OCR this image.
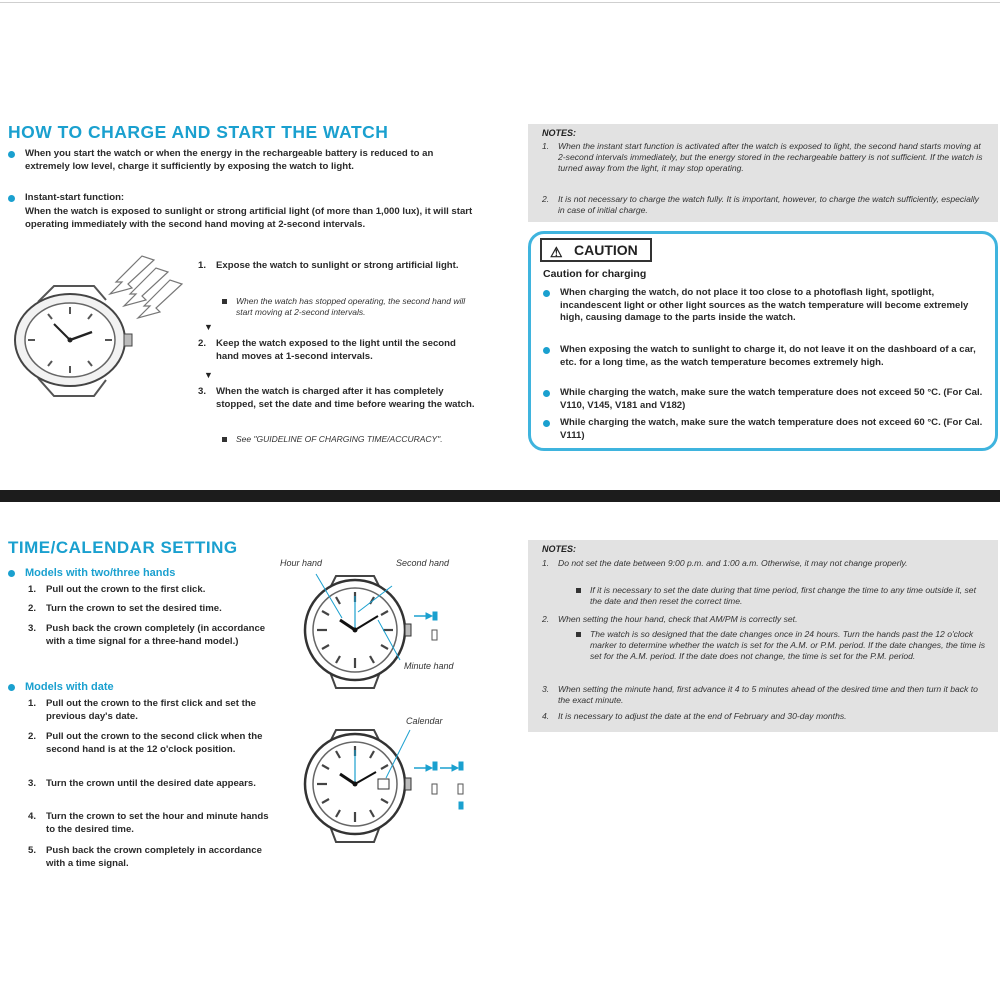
HOW TO CHARGE AND START THE WATCH
When you start the watch or when the energy in the rechargeable battery is reduced to an extremely low level, charge it sufficiently by exposing the watch to light.
Instant-start function:
When the watch is exposed to sunlight or strong artificial light (of more than 1,000 lux), it will start operating immediately with the second hand moving at 2-second intervals.
1.	Expose the watch to sunlight or strong artificial light.
When the watch has stopped operating, the second hand will start moving at 2-second intervals.
▼
2.	Keep the watch exposed to the light until the second hand moves at 1-second intervals.
▼
3.	When the watch is charged after it has completely stopped, set the date and time before wearing the watch.
See "GUIDELINE OF CHARGING TIME/ACCURACY".
NOTES:
1.	When the instant start function is activated after the watch is exposed to light, the second hand starts moving at 2-second intervals immediately, but the energy stored in the rechargeable battery is not sufficient. If the watch is turned away from the light, it may stop operating.
2.	It is not necessary to charge the watch fully. It is important, however, to charge the watch sufficiently, especially in case of initial charge.
⚠ CAUTION
Caution for charging
When charging the watch, do not place it too close to a photoflash light, spotlight, incandescent light or other light sources as the watch temperature will become extremely high, causing damage to the parts inside the watch.
When exposing the watch to sunlight to charge it, do not leave it on the dashboard of a car, etc. for a long time, as the watch temperature becomes extremely high.
While charging the watch, make sure the watch temperature does not exceed 50 °C. (For Cal. V110, V145, V181 and V182)
While charging the watch, make sure the watch temperature does not exceed 60 °C. (For Cal. V111)
TIME/CALENDAR SETTING
Models with two/three hands
1.	Pull out the crown to the first click.
2.	Turn the crown to set the desired time.
3.	Push back the crown completely (in accordance with a time signal for a three-hand model.)
Models with date
1.	Pull out the crown to the first click and set the previous day's date.
2.	Pull out the crown to the second click when the second hand is at the 12 o'clock position.
3.	Turn the crown until the desired date appears.
4.	Turn the crown to set the hour and minute hands to the desired time.
5.	Push back the crown completely in accordance with a time signal.
Hour hand	Second hand
Minute hand
Calendar
NOTES:
1.	Do not set the date between 9:00 p.m. and 1:00 a.m. Otherwise, it may not change properly.
If it is necessary to set the date during that time period, first change the time to any time outside it, set the date and then reset the correct time.
2.	When setting the hour hand, check that AM/PM is correctly set.
The watch is so designed that the date changes once in 24 hours. Turn the hands past the 12 o'clock marker to determine whether the watch is set for the A.M. or P.M. period. If the date changes, the time is set for the A.M. period. If the date does not change, the time is set for the P.M. period.
3.	When setting the minute hand, first advance it 4 to 5 minutes ahead of the desired time and then turn it back to the exact minute.
4.	It is necessary to adjust the date at the end of February and 30-day months.
